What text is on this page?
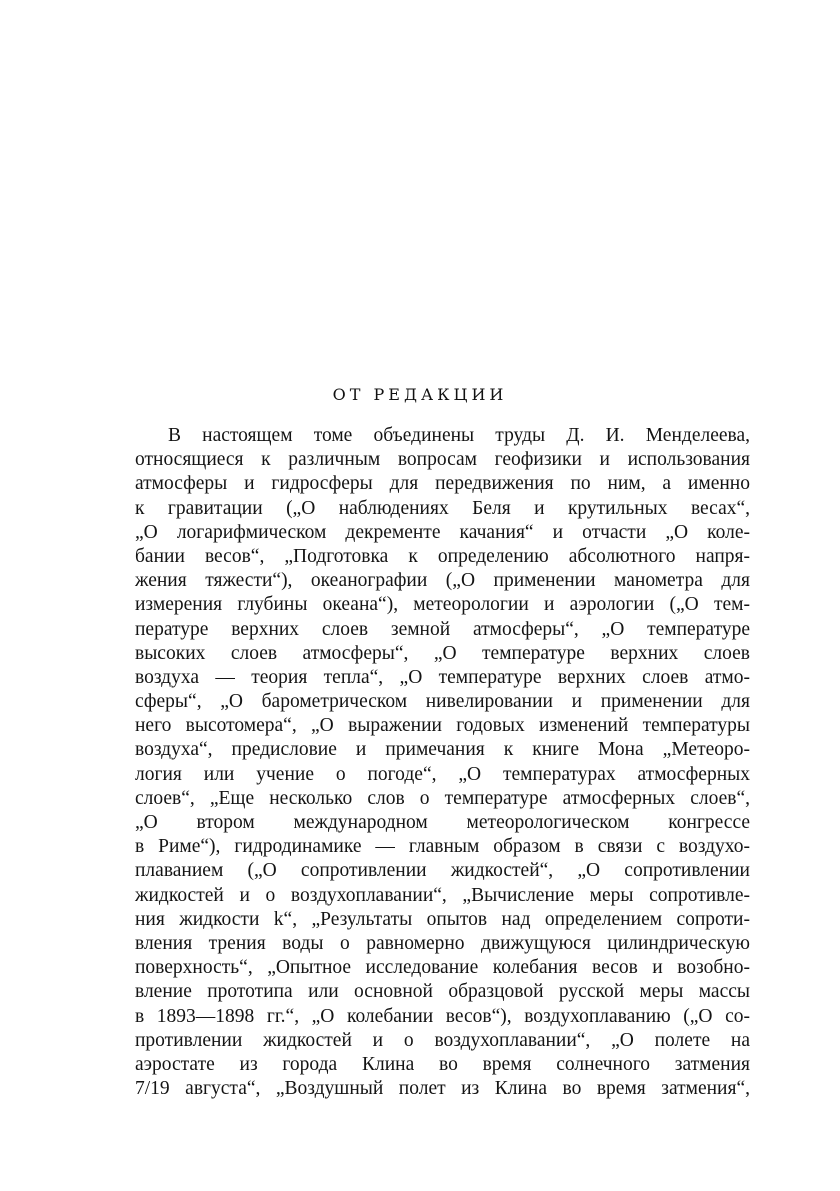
ОТ РЕДАКЦИИ
В настоящем томе объединены труды Д. И. Менделеева,
относящиеся к различным вопросам геофизики и использования
атмосферы и гидросферы для передвижения по ним, а именно
к гравитации („О наблюдениях Беля и крутильных весах“,
„О логарифмическом декременте качания“ и отчасти „О коле-
бании весов“, „Подготовка к определению абсолютного напря-
жения тяжести“), океанографии („О применении манометра для
измерения глубины океана“), метеорологии и аэрологии („О тем-
пературе верхних слоев земной атмосферы“, „О температуре
высоких слоев атмосферы“, „О температуре верхних слоев
воздуха — теория тепла“, „О температуре верхних слоев атмо-
сферы“, „О барометрическом нивелировании и применении для
него высотомера“, „О выражении годовых изменений температуры
воздуха“, предисловие и примечания к книге Мона „Метеоро-
логия или учение о погоде“, „О температурах атмосферных
слоев“, „Еще несколько слов о температуре атмосферных слоев“,
„О втором международном метеорологическом конгрессе
в Риме“), гидродинамике — главным образом в связи с воздухо-
плаванием („О сопротивлении жидкостей“, „О сопротивлении
жидкостей и о воздухоплавании“, „Вычисление меры сопротивле-
ния жидкости k“, „Результаты опытов над определением сопроти-
вления трения воды о равномерно движущуюся цилиндрическую
поверхность“, „Опытное исследование колебания весов и возобно-
вление прототипа или основной образцовой русской меры массы
в 1893—1898 гг.“, „О колебании весов“), воздухоплаванию („О со-
противлении жидкостей и о воздухоплавании“, „О полете на
аэростате из города Клина во время солнечного затмения
7/19 августа“, „Воздушный полет из Клина во время затмения“,
